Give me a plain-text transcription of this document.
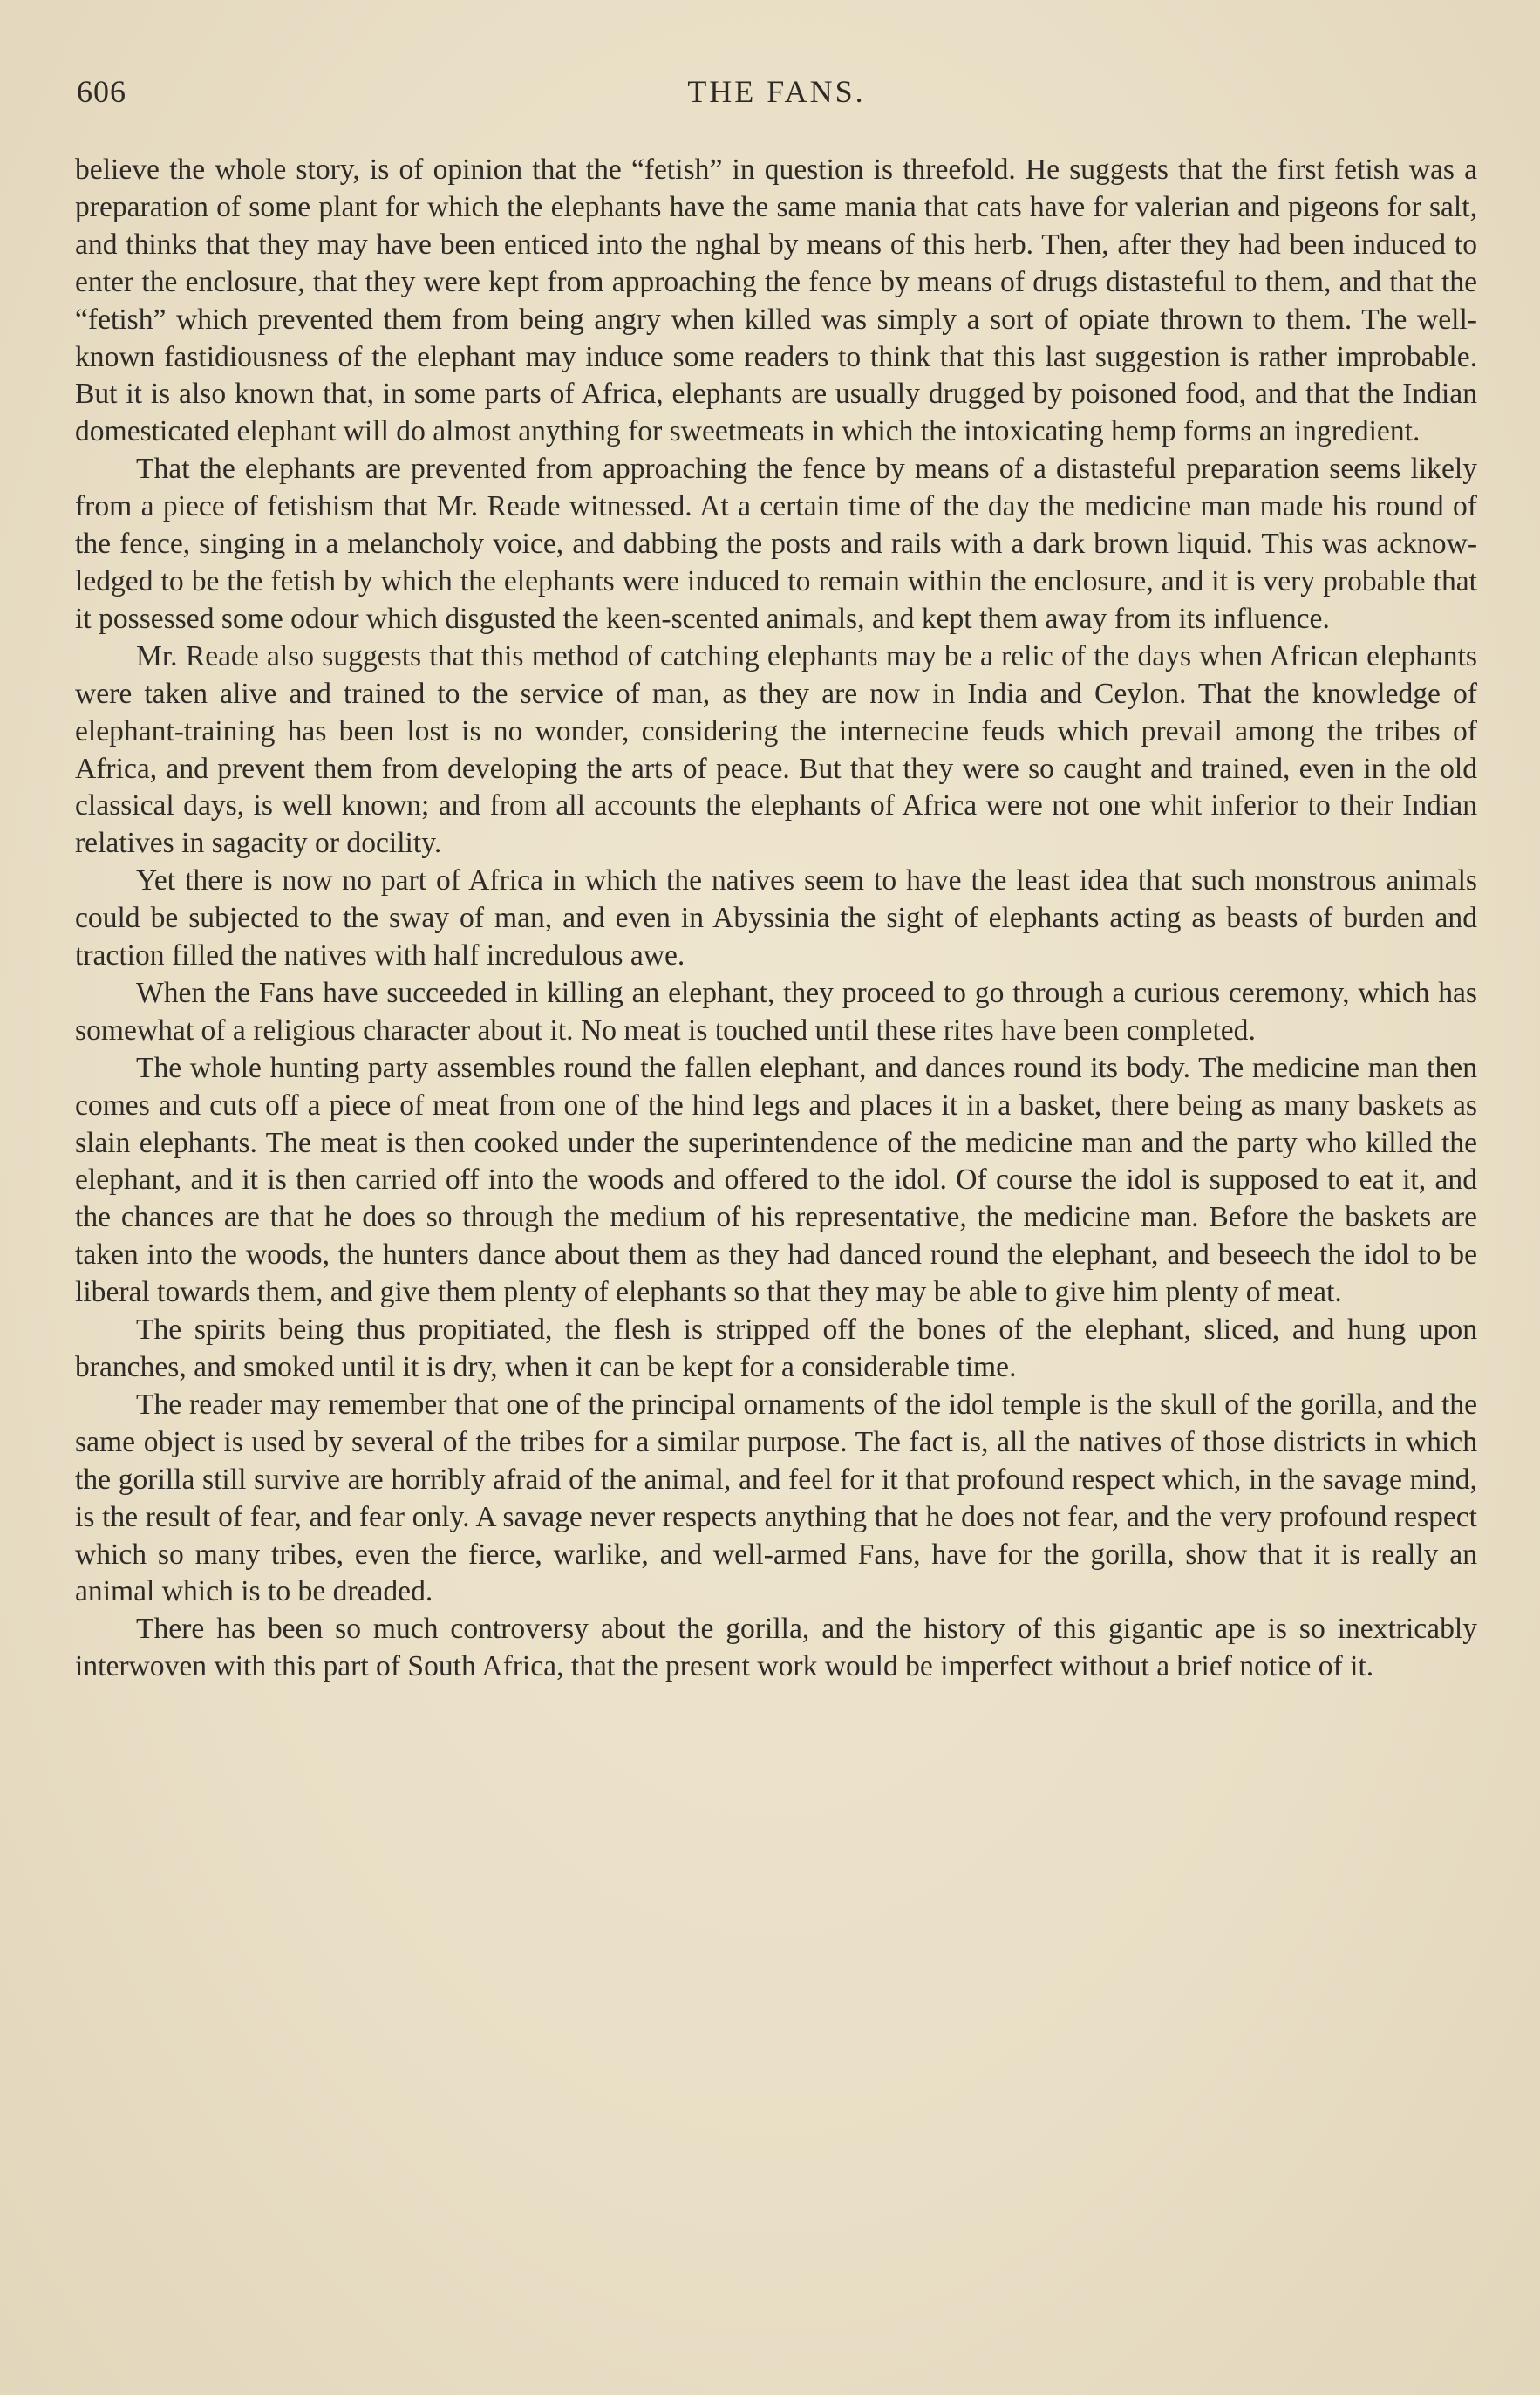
606	THE FANS.

believe the whole story, is of opinion that the “fetish” in question is threefold. He suggests that the first fetish was a preparation of some plant for which the elephants have the same mania that cats have for valerian and pigeons for salt, and thinks that they may have been enticed into the nghal by means of this herb. Then, after they had been induced to enter the enclosure, that they were kept from approaching the fence by means of drugs distasteful to them, and that the “fetish” which prevented them from being angry when killed was simply a sort of opiate thrown to them. The well-known fastidiousness of the elephant may induce some readers to think that this last suggestion is rather improbable. But it is also known that, in some parts of Africa, elephants are usually drugged by poisoned food, and that the Indian domesticated elephant will do almost anything for sweetmeats in which the intoxicating hemp forms an ingredient.

That the elephants are prevented from approaching the fence by means of a distasteful preparation seems likely from a piece of fetishism that Mr. Reade witnessed. At a certain time of the day the medicine man made his round of the fence, singing in a melancholy voice, and dabbing the posts and rails with a dark brown liquid. This was acknowledged to be the fetish by which the elephants were induced to remain within the enclosure, and it is very probable that it possessed some odour which disgusted the keen-scented animals, and kept them away from its influence.

Mr. Reade also suggests that this method of catching elephants may be a relic of the days when African elephants were taken alive and trained to the service of man, as they are now in India and Ceylon. That the knowledge of elephant-training has been lost is no wonder, considering the internecine feuds which prevail among the tribes of Africa, and prevent them from developing the arts of peace. But that they were so caught and trained, even in the old classical days, is well known; and from all accounts the elephants of Africa were not one whit inferior to their Indian relatives in sagacity or docility.

Yet there is now no part of Africa in which the natives seem to have the least idea that such monstrous animals could be subjected to the sway of man, and even in Abyssinia the sight of elephants acting as beasts of burden and traction filled the natives with half incredulous awe.

When the Fans have succeeded in killing an elephant, they proceed to go through a curious ceremony, which has somewhat of a religious character about it. No meat is touched until these rites have been completed.

The whole hunting party assembles round the fallen elephant, and dances round its body. The medicine man then comes and cuts off a piece of meat from one of the hind legs and places it in a basket, there being as many baskets as slain elephants. The meat is then cooked under the superintendence of the medicine man and the party who killed the elephant, and it is then carried off into the woods and offered to the idol. Of course the idol is supposed to eat it, and the chances are that he does so through the medium of his representative, the medicine man. Before the baskets are taken into the woods, the hunters dance about them as they had danced round the elephant, and beseech the idol to be liberal towards them, and give them plenty of elephants so that they may be able to give him plenty of meat.

The spirits being thus propitiated, the flesh is stripped off the bones of the elephant, sliced, and hung upon branches, and smoked until it is dry, when it can be kept for a considerable time.

The reader may remember that one of the principal ornaments of the idol temple is the skull of the gorilla, and the same object is used by several of the tribes for a similar purpose. The fact is, all the natives of those districts in which the gorilla still survive are horribly afraid of the animal, and feel for it that profound respect which, in the savage mind, is the result of fear, and fear only. A savage never respects anything that he does not fear, and the very profound respect which so many tribes, even the fierce, warlike, and well-armed Fans, have for the gorilla, show that it is really an animal which is to be dreaded.

There has been so much controversy about the gorilla, and the history of this gigantic ape is so inextricably interwoven with this part of South Africa, that the present work would be imperfect without a brief notice of it.
